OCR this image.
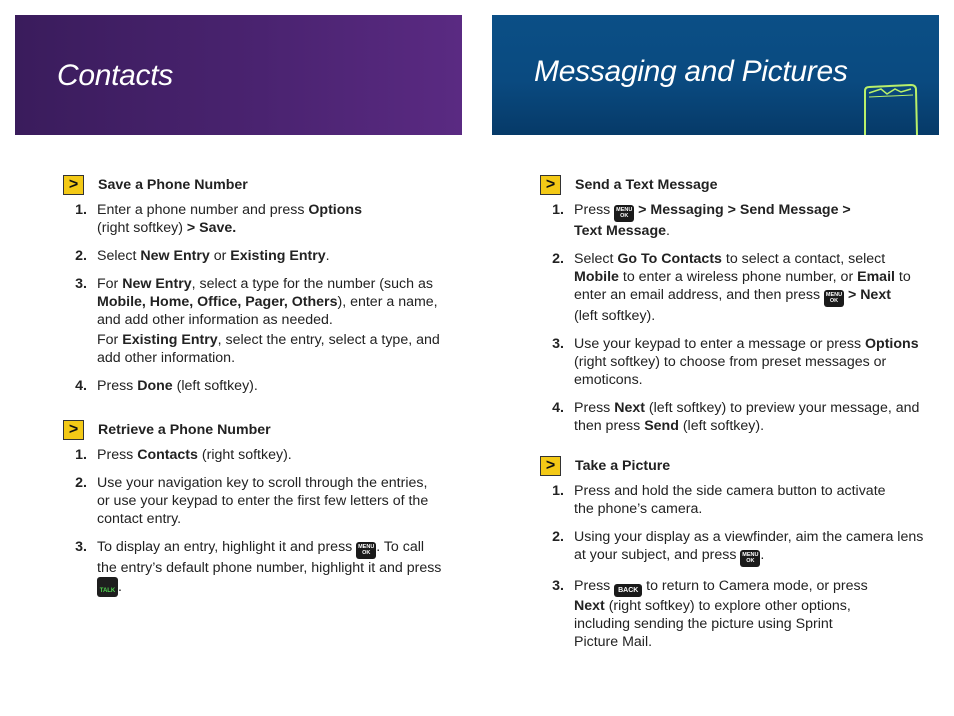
Contacts	Messaging and Pictures
>	Save a Phone Number
1. Enter a phone number and press Options
(right softkey) > Save.
2. Select New Entry or Existing Entry.
3. For New Entry, select a type for the number (such as Mobile, Home, Office, Pager, Others), enter a name, and add other information as needed.
For Existing Entry, select the entry, select a type, and add other information.
4. Press Done (left softkey).
>	Retrieve a Phone Number
1. Press Contacts (right softkey).
2. Use your navigation key to scroll through the entries, or use your keypad to enter the first few letters of the contact entry.
3. To display an entry, highlight it and press MENU
OK . To call the entry’s default phone number, highlight it and press
TALK .
>	Send a Text Message
1. Press MENU
OK > Messaging > Send Message >
Text Message.
2. Select Go To Contacts to select a contact, select Mobile to enter a wireless phone number, or Email to enter an email address, and then press MENU
OK > Next
(left softkey).
3. Use your keypad to enter a message or press Options (right softkey) to choose from preset messages or emoticons.
4. Press Next (left softkey) to preview your message, and then press Send (left softkey).
>	Take a Picture
1. Press and hold the side camera button to activate the phone’s camera.
2. Using your display as a viewfinder, aim the camera lens at your subject, and press MENU
OK .
3. Press BACK to return to Camera mode, or press Next (right softkey) to explore other options, including sending the picture using Sprint Picture Mail.
